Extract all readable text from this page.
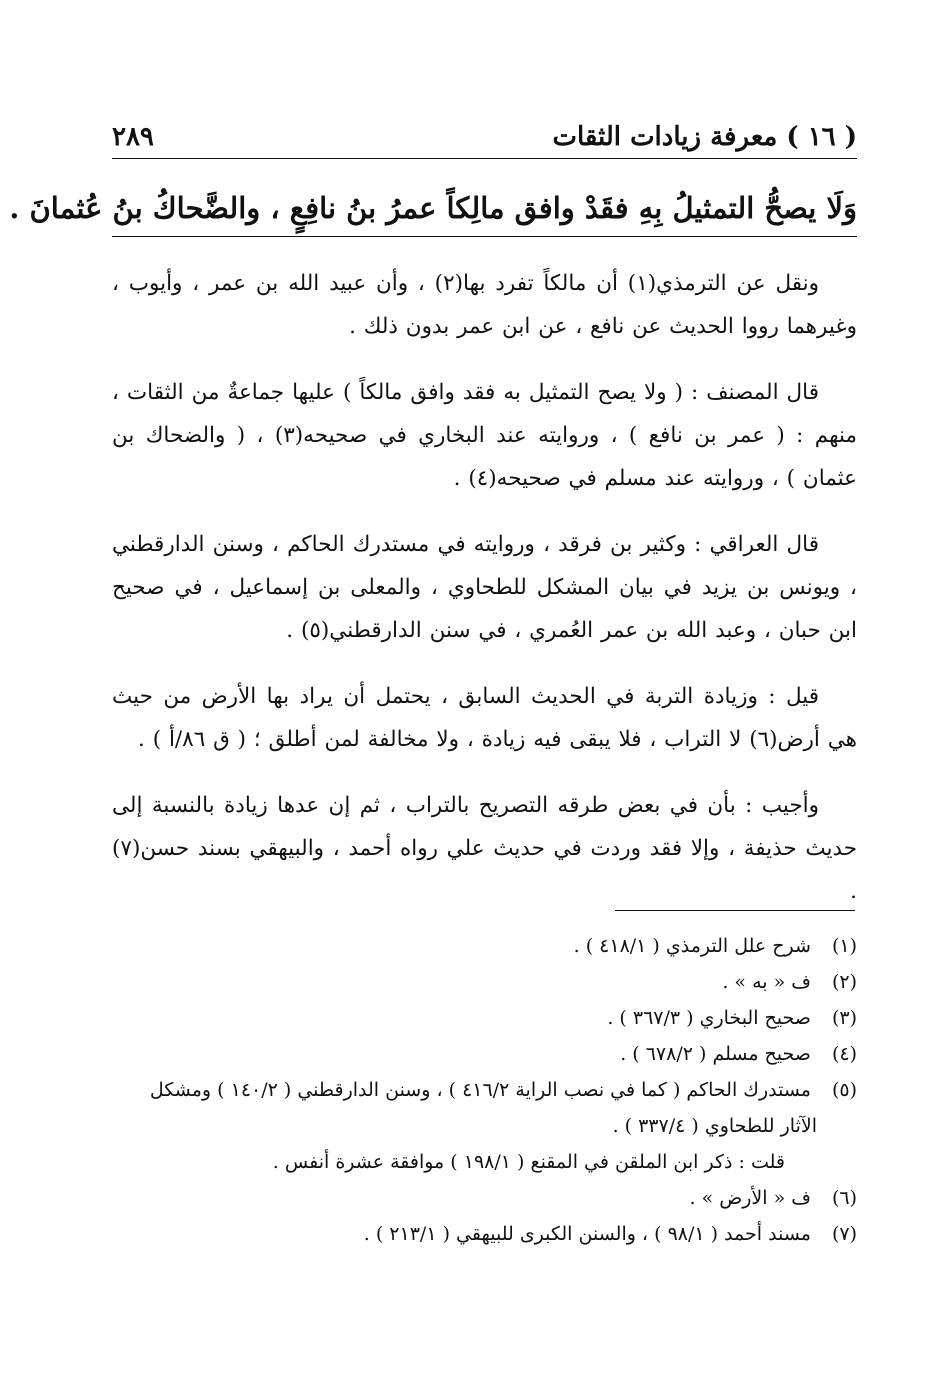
( ١٦ ) معرفة زيادات الثقات
٢٨٩
وَلَا يصحُّ التمثيلُ بِهِ فقَدْ وافق مالِكاً عمرُ بنُ نافِعٍ ، والضَّحاكُ بنُ عُثمانَ .

ونقل عن الترمذي(١) أن مالكاً تفرد بها(٢) ، وأن عبيد الله بن عمر ، وأيوب ، وغيرهما رووا الحديث عن نافع ، عن ابن عمر بدون ذلك .

قال المصنف : ( ولا يصح التمثيل به فقد وافق مالكاً ) عليها جماعةٌ من الثقات ، منهم : ( عمر بن نافع ) ، وروايته عند البخاري في صحيحه(٣) ، ( والضحاك بن عثمان ) ، وروايته عند مسلم في صحيحه(٤) .

قال العراقي : وكثير بن فرقد ، وروايته في مستدرك الحاكم ، وسنن الدارقطني ، ويونس بن يزيد في بيان المشكل للطحاوي ، والمعلى بن إسماعيل ، في صحيح ابن حبان ، وعبد الله بن عمر العُمري ، في سنن الدارقطني(٥) .

قيل : وزيادة التربة في الحديث السابق ، يحتمل أن يراد بها الأرض من حيث هي أرض(٦) لا التراب ، فلا يبقى فيه زيادة ، ولا مخالفة لمن أطلق ؛ ( ق ٨٦/أ ) .

وأجيب : بأن في بعض طرقه التصريح بالتراب ، ثم إن عدها زيادة بالنسبة إلى حديث حذيفة ، وإلا فقد وردت في حديث علي رواه أحمد ، والبيهقي بسند حسن(٧) .

(١) شرح علل الترمذي ( ٤١٨/١ ) .
(٢) ف « به » .
(٣) صحيح البخاري ( ٣٦٧/٣ ) .
(٤) صحيح مسلم ( ٦٧٨/٢ ) .
(٥) مستدرك الحاكم ( كما في نصب الراية ٤١٦/٢ ) ، وسنن الدارقطني ( ١٤٠/٢ ) ومشكل
الآثار للطحاوي ( ٣٣٧/٤ ) .
قلت : ذكر ابن الملقن في المقنع ( ١٩٨/١ ) موافقة عشرة أنفس .
(٦) ف « الأرض » .
(٧) مسند أحمد ( ٩٨/١ ) ، والسنن الكبرى للبيهقي ( ٢١٣/١ ) .
